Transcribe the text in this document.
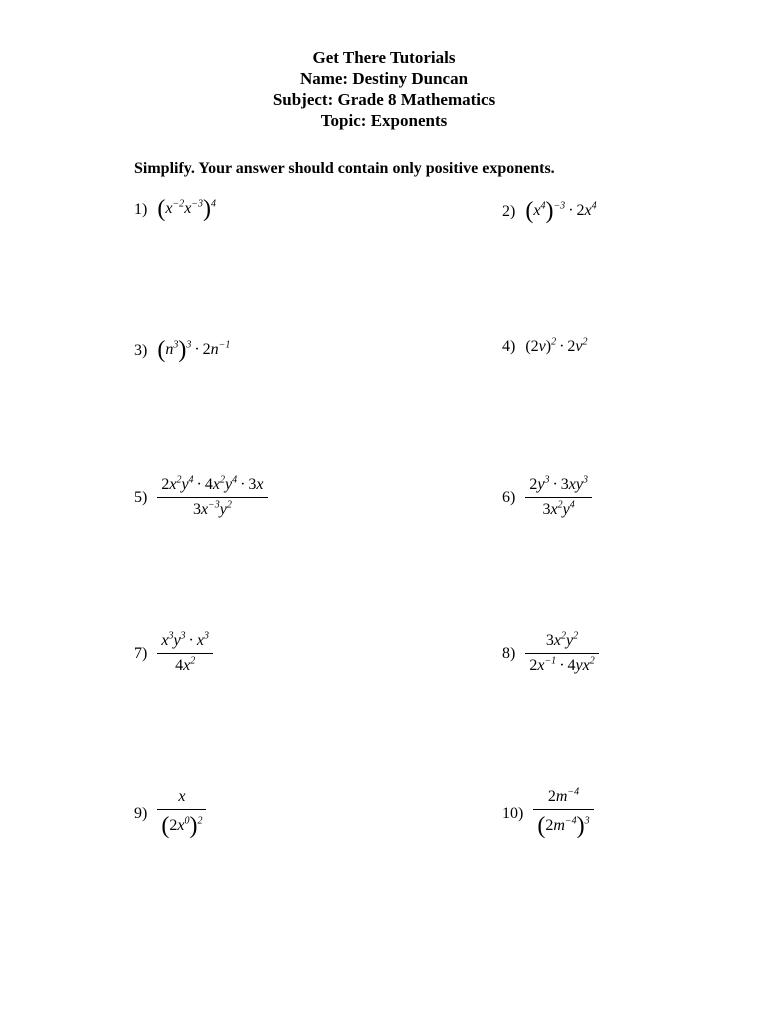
Get There Tutorials
Name: Destiny Duncan
Subject: Grade 8 Mathematics
Topic: Exponents
Simplify. Your answer should contain only positive exponents.
1) $(x^{-2}x^{-3})^4$	2) $(x^4)^{-3} \cdot 2x^4$
3) $(n^3)^3 \cdot 2n^{-1}$	4) $(2v)^2 \cdot 2v^2$
$5) \frac{2x^2y^4 \cdot 4x^2y^4 \cdot 3x}{3x^{-3}y^2}$	$6) \frac{2y^3 \cdot 3xy^3}{3x^2y^4}$
$7) \frac{x^3y^3 \cdot x^3}{4x^2}$	$8) \frac{3x^2y^2}{2x^{-1} \cdot 4yx^2}$
$9) \frac{x}{(2x^0)^2}$	$10) \frac{2m^{-4}}{(2m^{-4})^3}$
